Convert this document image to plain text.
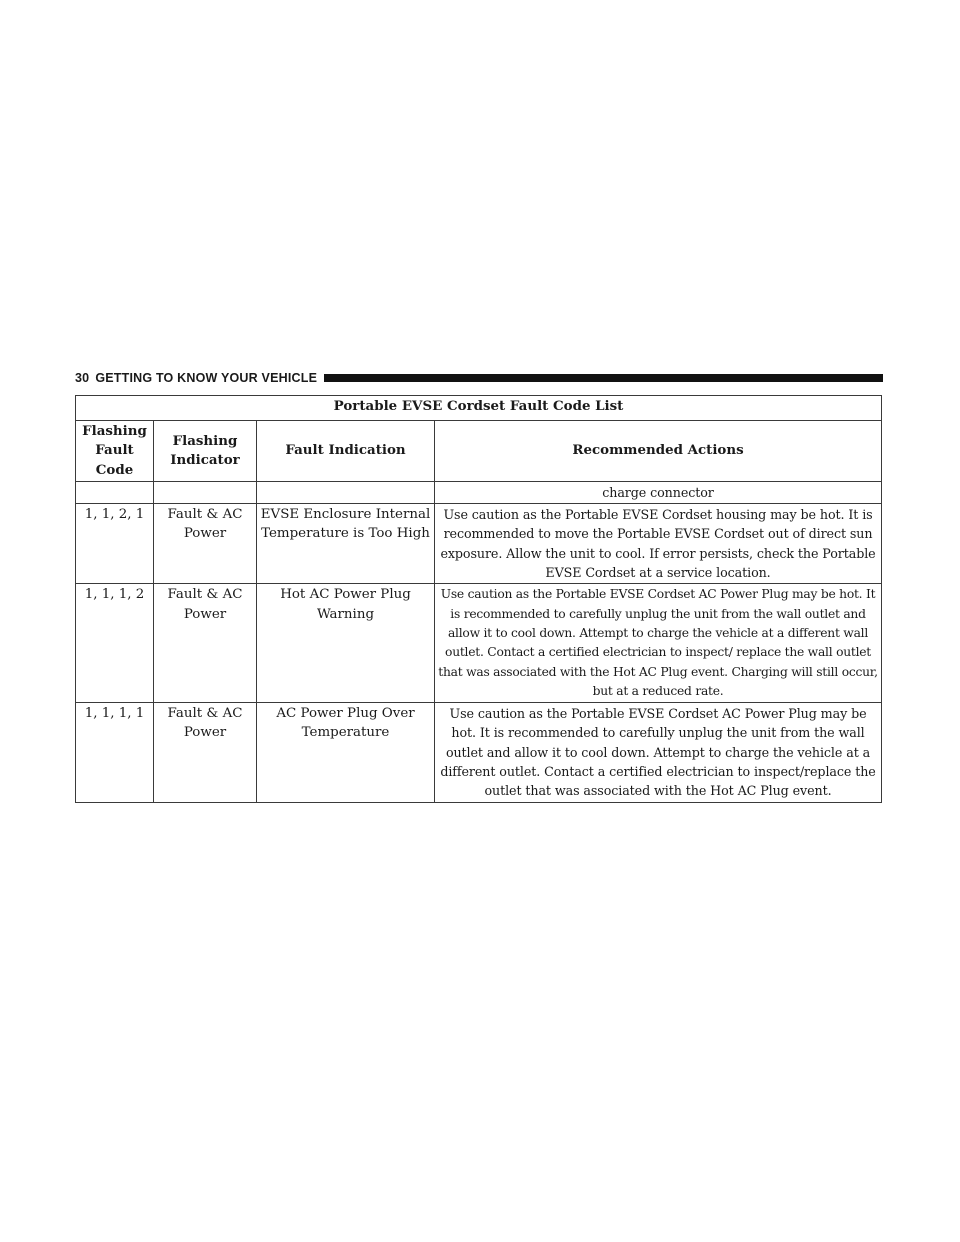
30 GETTING TO KNOW YOUR VEHICLE
Portable EVSE Cordset Fault Code List			
Flashing Fault Code	Flashing Indicator	Fault Indication	Recommended Actions
			charge connector
1, 1, 2, 1	Fault & AC Power	EVSE Enclosure Internal Temperature is Too High	Use caution as the Portable EVSE Cordset housing may be hot. It is recommended to move the Portable EVSE Cordset out of direct sun exposure. Allow the unit to cool. If error persists, check the Portable EVSE Cordset at a service location.
1, 1, 1, 2	Fault & AC Power	Hot AC Power Plug Warning	Use caution as the Portable EVSE Cordset AC Power Plug may be hot. It is recommended to carefully unplug the unit from the wall outlet and allow it to cool down. Attempt to charge the vehicle at a different wall outlet. Contact a certified electrician to inspect/ replace the wall outlet that was associated with the Hot AC Plug event. Charging will still occur, but at a reduced rate.
1, 1, 1, 1	Fault & AC Power	AC Power Plug Over Temperature	Use caution as the Portable EVSE Cordset AC Power Plug may be hot. It is recommended to carefully unplug the unit from the wall outlet and allow it to cool down. Attempt to charge the vehicle at a different outlet. Contact a certified electrician to inspect/replace the outlet that was associated with the Hot AC Plug event.
